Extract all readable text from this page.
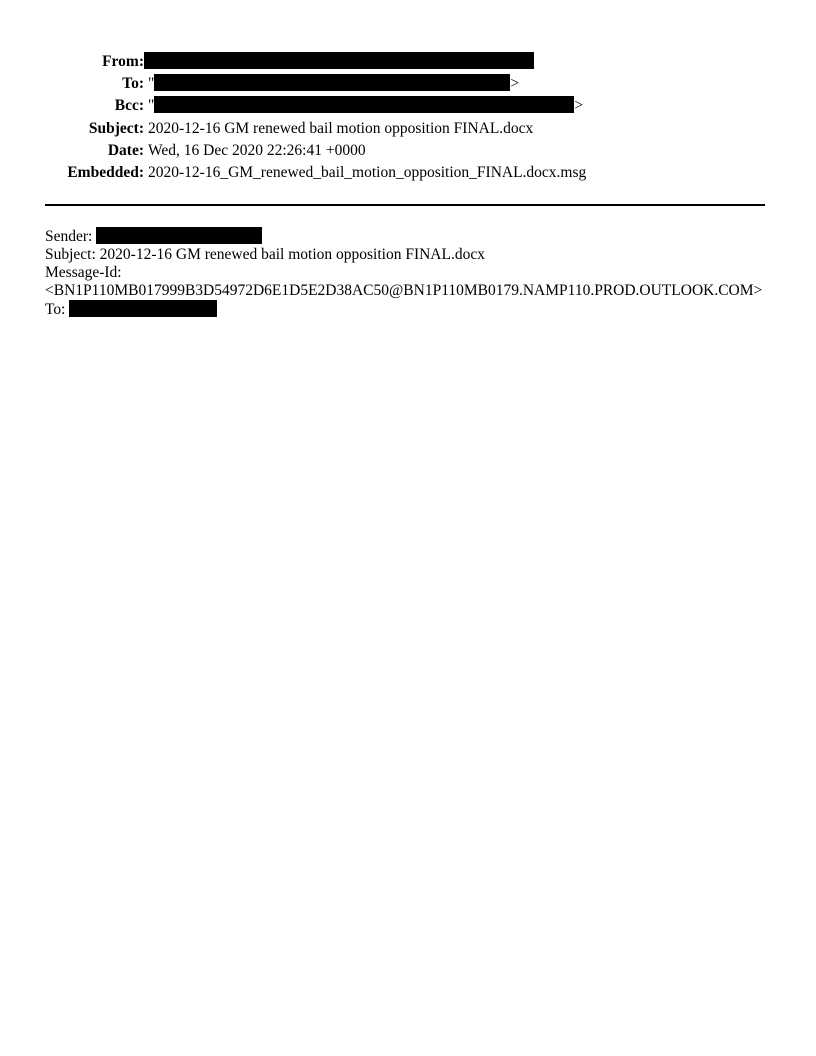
From:
To: "	>
Bcc: "	>
Subject: 2020-12-16 GM renewed bail motion opposition FINAL.docx
Date: Wed, 16 Dec 2020 22:26:41 +0000
Embedded: 2020-12-16_GM_renewed_bail_motion_opposition_FINAL.docx.msg
Sender:
Subject: 2020-12-16 GM renewed bail motion opposition FINAL.docx
Message-Id:
<BN1P110MB017999B3D54972D6E1D5E2D38AC50@BN1P110MB0179.NAMP110.PROD.OUTLOOK.COM>
To:
